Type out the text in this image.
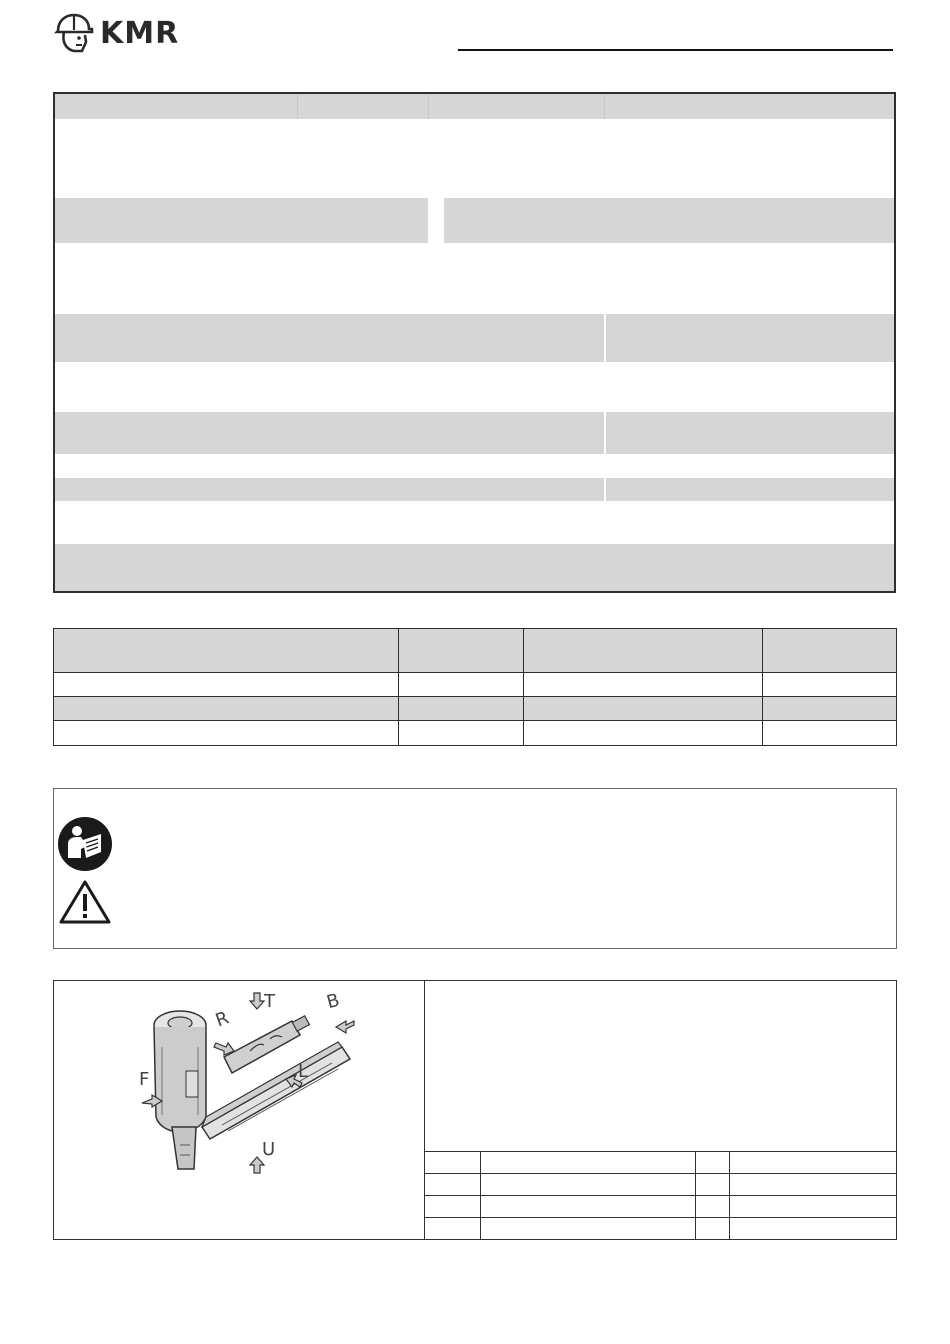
KMR

T	B
R
F	L
U
